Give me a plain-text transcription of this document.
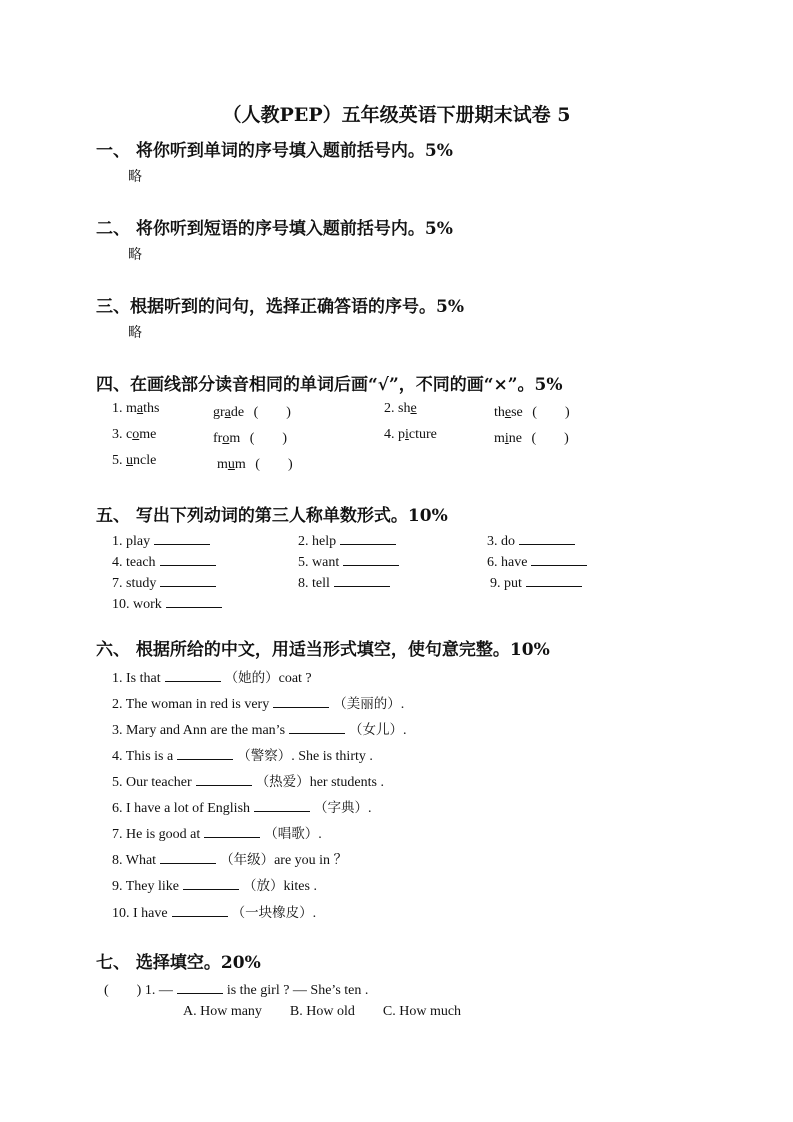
（人教PEP）五年级英语下册期末试卷 5
一、 将你听到单词的序号填入题前括号内。5%
略
二、 将你听到短语的序号填入题前括号内。5%
略
三、根据听到的问句，选择正确答语的序号。5%
略
四、在画线部分读音相同的单词后画“√”，不同的画“×”。5%
1. maths	grade (　　)	2. she	these (　　)
3. come	from (　　)	4. picture	mine (　　)
5. uncle	mum (　　)
五、 写出下列动词的第三人称单数形式。10%
1. play	2. help	3. do
4. teach	5. want	6. have
7. study	8. tell	9. put
10. work
六、 根据所给的中文，用适当形式填空，使句意完整。10%
1. Is that	（她的）coat ?
2. The woman in red is very	（美丽的）.
3. Mary and Ann are the man’s	（女儿）.
4. This is a	（警察）. She is thirty .
5. Our teacher	（热爱）her students .
6. I have a lot of English	（字典）.
7. He is good at	（唱歌）.
8. What	（年级）are you in ？
9. They like	（放）kites .
10. I have	（一块橡皮）.
七、 选择填空。20%
(　　) 1. —	is the girl ? — She’s ten .
A. How many        B. How old        C. How much
